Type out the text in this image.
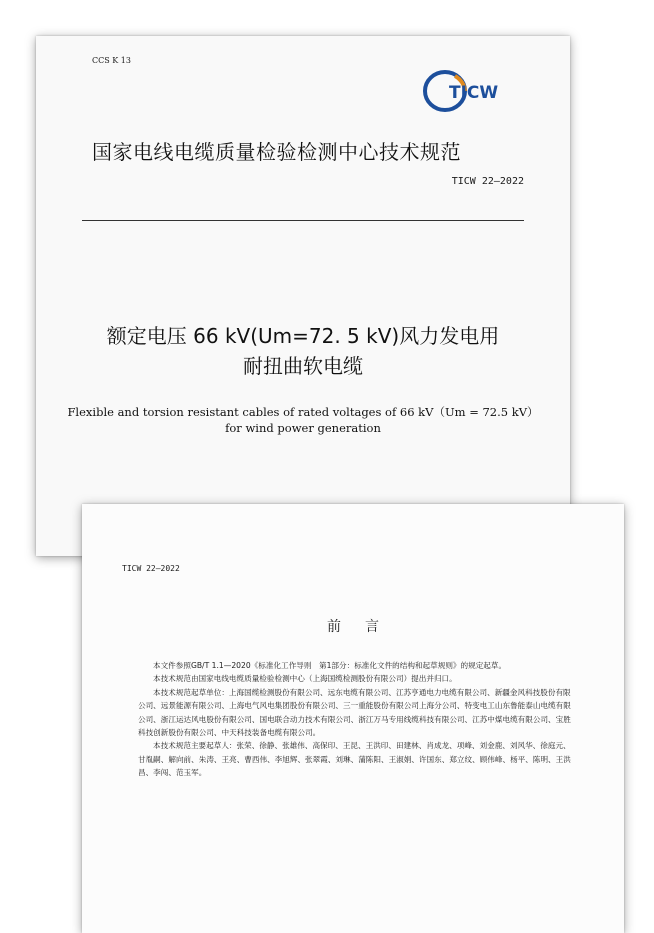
CCS K 13
TICW
国家电线电缆质量检验检测中心技术规范
TICW 22—2022
额定电压 66 kV(Um=72. 5 kV)风力发电用
耐扭曲软电缆
Flexible and torsion resistant cables of rated voltages of 66 kV（Um = 72.5 kV）
for wind power generation
TICW 22—2022
前言

本文件参照GB/T 1.1—2020《标准化工作导则　第1部分：标准化文件的结构和起草规则》的规定起草。

本技术规范由国家电线电缆质量检验检测中心（上海国缆检测股份有限公司）提出并归口。

本技术规范起草单位：上海国缆检测股份有限公司、远东电缆有限公司、江苏亨通电力电缆有限公司、新疆金风科技股份有限公司、远景能源有限公司、上海电气风电集团股份有限公司、三一重能股份有限公司上海分公司、特变电工山东鲁能泰山电缆有限公司、浙江运达风电股份有限公司、国电联合动力技术有限公司、浙江万马专用线缆科技有限公司、江苏中煤电缆有限公司、宝胜科技创新股份有限公司、中天科技装备电缆有限公司。

本技术规范主要起草人：张荣、徐静、张雄伟、高保印、王昆、王洪印、田建林、肖成龙、项峰、刘金鹿、刘风华、徐庭元、甘胤嗣、解向前、朱涛、王亮、曹西伟、李旭辉、张翠霞、刘琳、蒲陈阳、王淑娟、许国东、郑立纹、顾伟峰、杨平、陈明、王洪昌、李闯、范玉军。
